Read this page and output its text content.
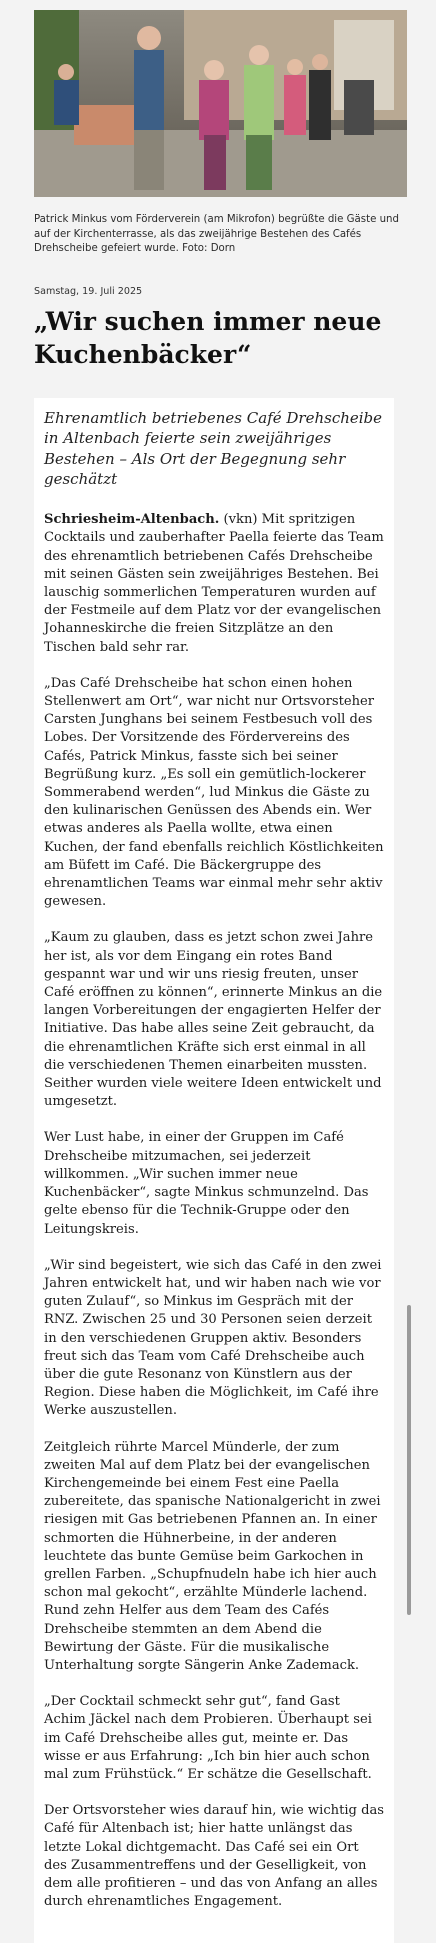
Patrick Minkus vom Förderverein (am Mikrofon) begrüßte die Gäste und auf der Kirchenterrasse, als das zweijährige Bestehen des Cafés Drehscheibe gefeiert wurde. Foto: Dorn
Samstag, 19. Juli 2025
„Wir suchen immer neue Kuchenbäcker“

Ehrenamtlich betriebenes Café Drehscheibe in Altenbach feierte sein zweijähriges Bestehen – Als Ort der Begegnung sehr geschätzt

Schriesheim-Altenbach. (vkn) Mit spritzigen Cocktails und zauberhafter Paella feierte das Team des ehrenamtlich betriebenen Cafés Drehscheibe mit seinen Gästen sein zweijähriges Bestehen. Bei lauschig sommerlichen Temperaturen wurden auf der Festmeile auf dem Platz vor der evangelischen Johanneskirche die freien Sitzplätze an den Tischen bald sehr rar.

„Das Café Drehscheibe hat schon einen hohen Stellenwert am Ort“, war nicht nur Ortsvorsteher Carsten Junghans bei seinem Festbesuch voll des Lobes. Der Vorsitzende des Fördervereins des Cafés, Patrick Minkus, fasste sich bei seiner Begrüßung kurz. „Es soll ein gemütlich-lockerer Sommerabend werden“, lud Minkus die Gäste zu den kulinarischen Genüssen des Abends ein. Wer etwas anderes als Paella wollte, etwa einen Kuchen, der fand ebenfalls reichlich Köstlichkeiten am Büfett im Café. Die Bäckergruppe des ehrenamtlichen Teams war einmal mehr sehr aktiv gewesen.

„Kaum zu glauben, dass es jetzt schon zwei Jahre her ist, als vor dem Eingang ein rotes Band gespannt war und wir uns riesig freuten, unser Café eröffnen zu können“, erinnerte Minkus an die langen Vorbereitungen der engagierten Helfer der Initiative. Das habe alles seine Zeit gebraucht, da die ehrenamtlichen Kräfte sich erst einmal in all die verschiedenen Themen einarbeiten mussten. Seither wurden viele weitere Ideen entwickelt und umgesetzt.

Wer Lust habe, in einer der Gruppen im Café Drehscheibe mitzumachen, sei jederzeit willkommen. „Wir suchen immer neue Kuchenbäcker“, sagte Minkus schmunzelnd. Das gelte ebenso für die Technik-Gruppe oder den Leitungskreis.

„Wir sind begeistert, wie sich das Café in den zwei Jahren entwickelt hat, und wir haben nach wie vor guten Zulauf“, so Minkus im Gespräch mit der RNZ. Zwischen 25 und 30 Personen seien derzeit in den verschiedenen Gruppen aktiv. Besonders freut sich das Team vom Café Drehscheibe auch über die gute Resonanz von Künstlern aus der Region. Diese haben die Möglichkeit, im Café ihre Werke auszustellen.

Zeitgleich rührte Marcel Münderle, der zum zweiten Mal auf dem Platz bei der evangelischen Kirchengemeinde bei einem Fest eine Paella zubereitete, das spanische Nationalgericht in zwei riesigen mit Gas betriebenen Pfannen an. In einer schmorten die Hühnerbeine, in der anderen leuchtete das bunte Gemüse beim Garkochen in grellen Farben. „Schupfnudeln habe ich hier auch schon mal gekocht“, erzählte Münderle lachend. Rund zehn Helfer aus dem Team des Cafés Drehscheibe stemmten an dem Abend die Bewirtung der Gäste. Für die musikalische Unterhaltung sorgte Sängerin Anke Zademack.

„Der Cocktail schmeckt sehr gut“, fand Gast Achim Jäckel nach dem Probieren. Überhaupt sei im Café Drehscheibe alles gut, meinte er. Das wisse er aus Erfahrung: „Ich bin hier auch schon mal zum Frühstück.“ Er schätze die Gesellschaft.

Der Ortsvorsteher wies darauf hin, wie wichtig das Café für Altenbach ist; hier hatte unlängst das letzte Lokal dichtgemacht. Das Café sei ein Ort des Zusammentreffens und der Geselligkeit, von dem alle profitieren – und das von Anfang an alles durch ehrenamtliches Engagement.
